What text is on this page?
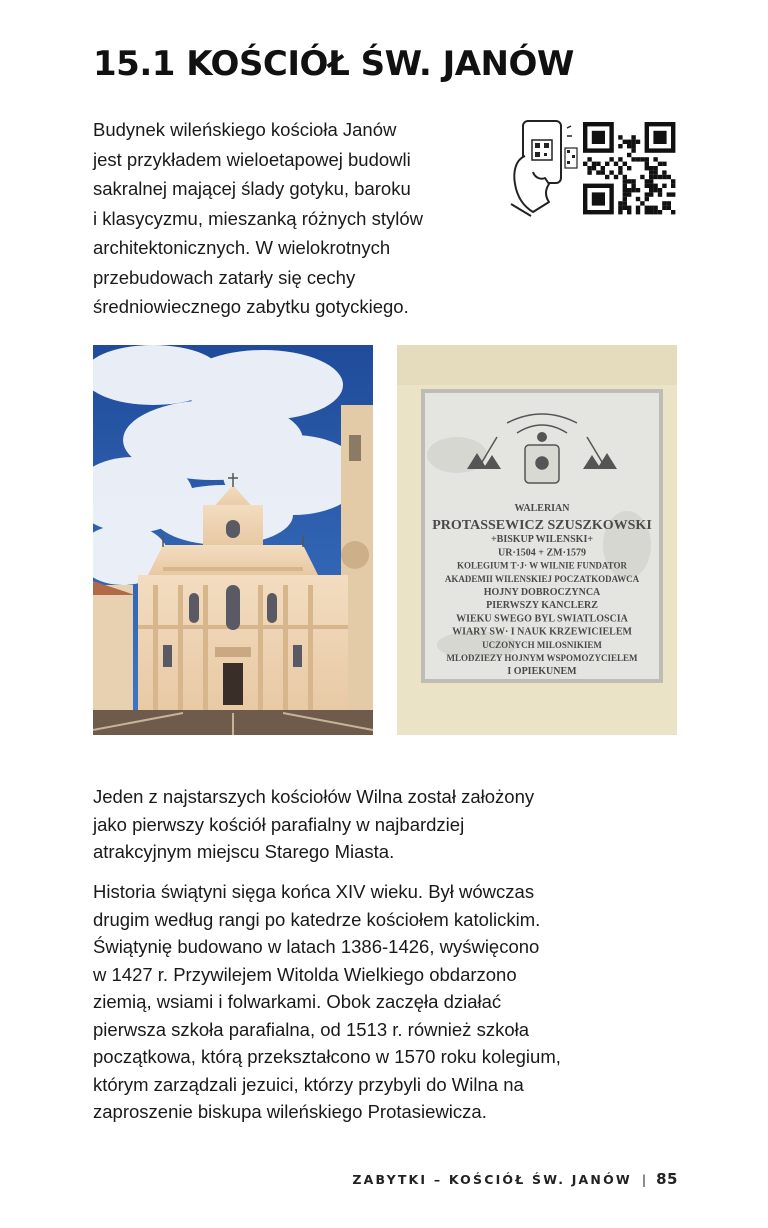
15.1 KOŚCIÓŁ ŚW. JANÓW

Budynek wileńskiego kościoła Janów
jest przykładem wieloetapowej budowli
sakralnej mającej ślady gotyku, baroku
i klasycyzmu, mieszanką różnych stylów
architektonicznych. W wielokrotnych
przebudowach zatarły się cechy
średniowiecznego zabytku gotyckiego.

WALERIAN
PROTASSEWICZ SZUSZKOWSKI
+BISKUP WILENSKI+
UR·1504 + ZM·1579
KOLEGIUM T·J· W WILNIE FUNDATOR
AKADEMII WILENSKIEJ POCZATKODAWCA
HOJNY DOBROCZYNCA
PIERWSZY KANCLERZ
WIEKU SWEGO BYL SWIATLOSCIA
WIARY SW· I NAUK KRZEWICIELEM
UCZONYCH MILOSNIKIEM
MLODZIEZY HOJNYM WSPOMOZYCIELEM
I OPIEKUNEM

Jeden z najstarszych kościołów Wilna został założony
jako pierwszy kościół parafialny w najbardziej
atrakcyjnym miejscu Starego Miasta.

Historia świątyni sięga końca XIV wieku. Był wówczas
drugim według rangi po katedrze kościołem katolickim.
Świątynię budowano w latach 1386-1426, wyświęcono
w 1427 r. Przywilejem Witolda Wielkiego obdarzono
ziemią, wsiami i folwarkami. Obok zaczęła działać
pierwsza szkoła parafialna, od 1513 r. również szkoła
początkowa, którą przekształcono w 1570 roku kolegium,
którym zarządzali jezuici, którzy przybyli do Wilna na
zaproszenie biskupa wileńskiego Protasiewicza.

ZABYTKI – KOŚCIÓŁ ŚW. JANÓW | 85
